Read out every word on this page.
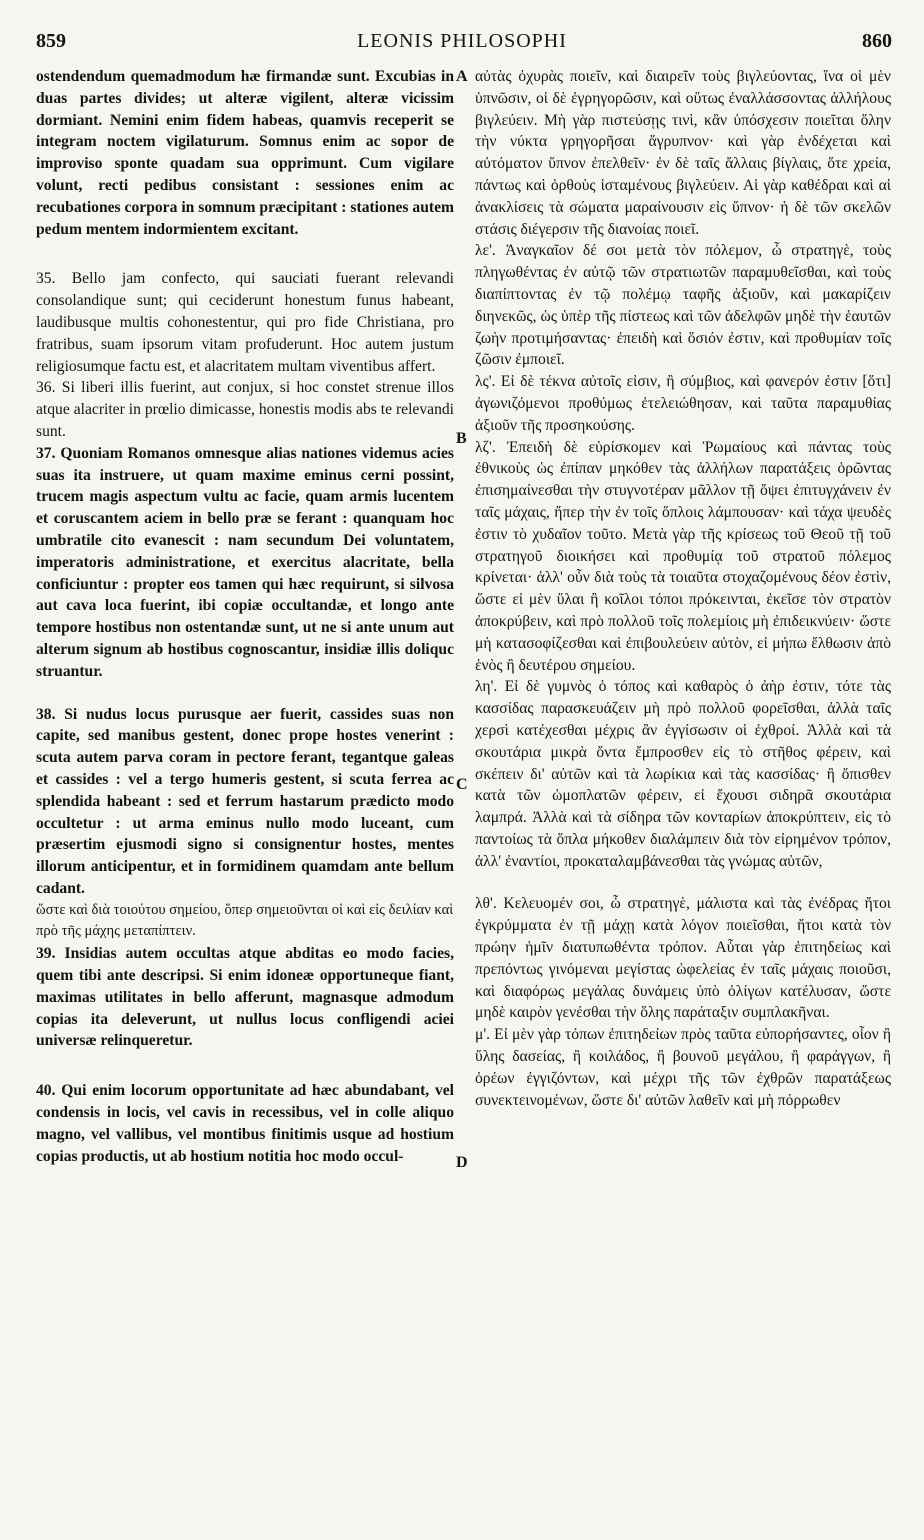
859	LEONIS PHILOSOPHI	860
A
B
C
D
ostendendum quemadmodum hæ firmandæ sunt. Excubias in duas partes divides; ut alteræ vigilent, alteræ vicissim dormiant. Nemini enim fidem habeas, quamvis receperit se integram noctem vigilaturum. Somnus enim ac sopor de improviso sponte quadam sua opprimunt. Cum vigilare volunt, recti pedibus consistant : sessiones enim ac recubationes corpora in somnum præcipitant : stationes autem pedum mentem indormientem excitant.
35. Bello jam confecto, qui sauciati fuerant relevandi consolandique sunt; qui ceciderunt honestum funus habeant, laudibusque multis cohonestentur, qui pro fide Christiana, pro fratribus, suam ipsorum vitam profuderunt. Hoc autem justum religiosumque factu est, et alacritatem multam viventibus affert.
36. Si liberi illis fuerint, aut conjux, si hoc constet strenue illos atque alacriter in prœlio dimicasse, honestis modis abs te relevandi sunt.
37. Quoniam Romanos omnesque alias nationes videmus acies suas ita instruere, ut quam maxime eminus cerni possint, trucem magis aspectum vultu ac facie, quam armis lucentem et coruscantem aciem in bello præ se ferant : quanquam hoc umbratile cito evanescit : nam secundum Dei voluntatem, imperatoris administratione, et exercitus alacritate, bella conficiuntur : propter eos tamen qui hæc requirunt, si silvosa aut cava loca fuerint, ibi copiæ occultandæ, et longo ante tempore hostibus non ostentandæ sunt, ut ne si ante unum aut alterum signum ab hostibus cognoscantur, insidiæ illis doliquc struantur.
38. Si nudus locus purusque aer fuerit, cassides suas non capite, sed manibus gestent, donec prope hostes venerint : scuta autem parva coram in pectore ferant, tegantque galeas et cassides : vel a tergo humeris gestent, si scuta ferrea ac splendida habeant : sed et ferrum hastarum prædicto modo occultetur : ut arma eminus nullo modo luceant, cum præsertim ejusmodi signo si consignentur hostes, mentes illorum anticipentur, et in formidinem quamdam ante bellum cadant.
ὥστε καὶ διὰ τοιούτου σημείου, ὅπερ σημειοῦνται οἱ καὶ εἰς δειλίαν καὶ πρὸ τῆς μάχης μεταπίπτειν.
39. Insidias autem occultas atque abditas eo modo facies, quem tibi ante descripsi. Si enim idoneæ opportuneque fiant, maximas utilitates in bello afferunt, magnasque admodum copias ita deleverunt, ut nullus locus confligendi aciei universæ relinqueretur.
40. Qui enim locorum opportunitate ad hæc abundabant, vel condensis in locis, vel cavis in recessibus, vel in colle aliquo magno, vel vallibus, vel montibus finitimis usque ad hostium copias productis, ut ab hostium notitia hoc modo occul-
αὐτὰς ὀχυρὰς ποιεῖν, καὶ διαιρεῖν τοὺς βιγλεύοντας, ἵνα οἱ μὲν ὑπνῶσιν, οἱ δὲ ἐγρηγορῶσιν, καὶ οὕτως ἐναλλάσσοντας ἀλλήλους βιγλεύειν. Μὴ γὰρ πιστεύσῃς τινὶ, κἂν ὑπόσχεσιν ποιεῖται ὅλην τὴν νύκτα γρηγορῆσαι ἄγρυπνον· καὶ γὰρ ἐνδέχεται καὶ αὐτόματον ὕπνον ἐπελθεῖν· ἐν δὲ ταῖς ἄλλαις βίγλαις, ὅτε χρεία, πάντως καὶ ὀρθοὺς ἱσταμένους βιγλεύειν. Αἱ γὰρ καθέδραι καὶ αἱ ἀνακλίσεις τὰ σώματα μαραίνουσιν εἰς ὕπνον· ἡ δὲ τῶν σκελῶν στάσις διέγερσιν τῆς διανοίας ποιεῖ.
λε'. Ἀναγκαῖον δέ σοι μετὰ τὸν πόλεμον, ὦ στρατηγὲ, τοὺς πληγωθέντας ἐν αὐτῷ τῶν στρατιωτῶν παραμυθεῖσθαι, καὶ τοὺς διαπίπτοντας ἐν τῷ πολέμῳ ταφῆς ἀξιοῦν, καὶ μακαρίζειν διηνεκῶς, ὡς ὑπὲρ τῆς πίστεως καὶ τῶν ἀδελφῶν μηδὲ τὴν ἑαυτῶν ζωὴν προτιμήσαντας· ἐπειδὴ καὶ ὅσιόν ἐστιν, καὶ προθυμίαν τοῖς ζῶσιν ἐμποιεῖ.
λς'. Εἰ δὲ τέκνα αὐτοῖς εἰσιν, ἢ σύμβιος, καὶ φανερόν ἐστιν [ὅτι] ἀγωνιζόμενοι προθύμως ἐτελειώθησαν, καὶ ταῦτα παραμυθίας ἀξιοῦν τῆς προσηκούσης.
λζ'. Ἐπειδὴ δὲ εὑρίσκομεν καὶ Ῥωμαίους καὶ πάντας τοὺς ἐθνικοὺς ὡς ἐπίπαν μηκόθεν τὰς ἀλλήλων παρατάξεις ὁρῶντας ἐπισημαίνεσθαι τὴν στυγνοτέραν μᾶλλον τῇ ὄψει ἐπιτυγχάνειν ἐν ταῖς μάχαις, ἤπερ τὴν ἐν τοῖς ὅπλοις λάμπουσαν· καὶ τάχα ψευδὲς ἐστιν τὸ χυδαῖον τοῦτο. Μετὰ γὰρ τῆς κρίσεως τοῦ Θεοῦ τῇ τοῦ στρατηγοῦ διοικήσει καὶ προθυμίᾳ τοῦ στρατοῦ πόλεμος κρίνεται· ἀλλ' οὖν διὰ τοὺς τὰ τοιαῦτα στοχαζομένους δέον ἐστὶν, ὥστε εἰ μὲν ὕλαι ἢ κοῖλοι τόποι πρόκεινται, ἐκεῖσε τὸν στρατὸν ἀποκρύβειν, καὶ πρὸ πολλοῦ τοῖς πολεμίοις μὴ ἐπιδεικνύειν· ὥστε μὴ κατασοφίζεσθαι καὶ ἐπιβουλεύειν αὐτὸν, εἰ μήπω ἔλθωσιν ἀπὸ ἑνὸς ἢ δευτέρου σημείου.
λη'. Εἰ δὲ γυμνὸς ὁ τόπος καὶ καθαρὸς ὁ ἀὴρ ἐστιν, τότε τὰς κασσίδας παρασκευάζειν μὴ πρὸ πολλοῦ φορεῖσθαι, ἀλλὰ ταῖς χερσὶ κατέχεσθαι μέχρις ἂν ἐγγίσωσιν οἱ ἐχθροί. Ἀλλὰ καὶ τὰ σκουτάρια μικρὰ ὄντα ἔμπροσθεν εἰς τὸ στῆθος φέρειν, καὶ σκέπειν δι' αὐτῶν καὶ τὰ λωρίκια καὶ τὰς κασσίδας· ἢ ὄπισθεν κατὰ τῶν ὠμοπλατῶν φέρειν, εἰ ἔχουσι σιδηρᾶ σκουτάρια λαμπρά. Ἀλλὰ καὶ τὰ σίδηρα τῶν κονταρίων ἀποκρύπτειν, εἰς τὸ παντοίως τὰ ὅπλα μήκοθεν διαλάμπειν διὰ τὸν εἰρημένον τρόπον, ἀλλ' ἐναντίοι, προκαταλαμβάνεσθαι τὰς γνώμας αὐτῶν,
λθ'. Κελευομέν σοι, ὦ στρατηγὲ, μάλιστα καὶ τὰς ἐνέδρας ἤτοι ἐγκρύμματα ἐν τῇ μάχῃ κατὰ λόγον ποιεῖσθαι, ἤτοι κατὰ τὸν πρώην ἡμῖν διατυπωθέντα τρόπον. Αὗται γὰρ ἐπιτηδείως καὶ πρεπόντως γινόμεναι μεγίστας ὠφελείας ἐν ταῖς μάχαις ποιοῦσι, καὶ διαφόρως μεγάλας δυνάμεις ὑπὸ ὀλίγων κατέλυσαν, ὥστε μηδὲ καιρὸν γενέσθαι τὴν ὅλης παράταξιν συμπλακῆναι.
μ'. Εἰ μὲν γὰρ τόπων ἐπιτηδείων πρὸς ταῦτα εὐπορήσαντες, οἷον ἢ ὕλης δασείας, ἢ κοιλάδος, ἢ βουνοῦ μεγάλου, ἢ φαράγγων, ἢ ὀρέων ἐγγιζόντων, καὶ μέχρι τῆς τῶν ἐχθρῶν παρατάξεως συνεκτεινομένων, ὥστε δι' αὐτῶν λαθεῖν καὶ μὴ πόρρωθεν
